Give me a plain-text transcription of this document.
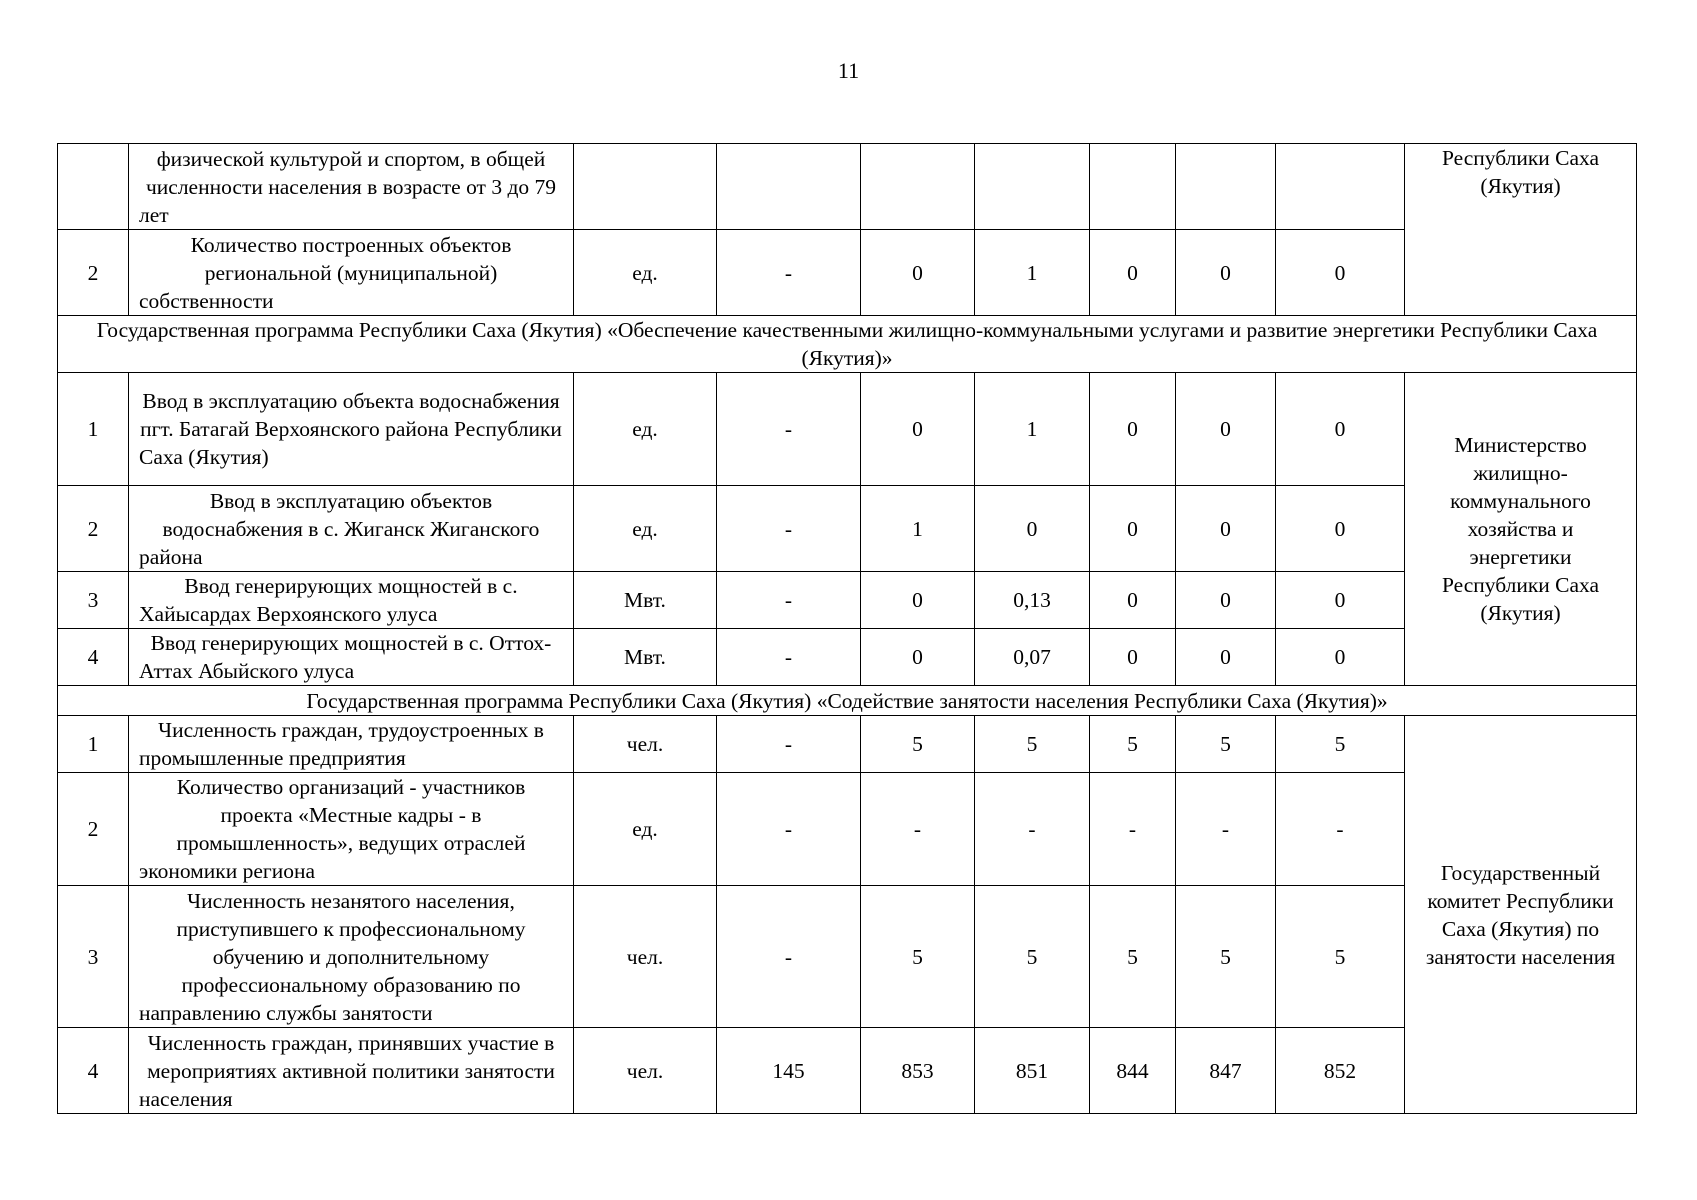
11
	физической культурой и спортом, в общей численности населения в возрасте от 3 до 79 лет								Республики Саха (Якутия)
2	Количество построенных объектов региональной (муниципальной) собственности	ед.	-	0	1	0	0	0	
Государственная программа Республики Саха (Якутия) «Обеспечение качественными жилищно-коммунальными услугами и развитие энергетики Республики Саха (Якутия)»									
1	Ввод в эксплуатацию объекта водоснабжения пгт. Батагай Верхоянского района Республики Саха (Якутия)	ед.	-	0	1	0	0	0	Министерство жилищно-коммунального хозяйства и энергетики Республики Саха (Якутия)
2	Ввод в эксплуатацию объектов водоснабжения в с. Жиганск Жиганского района	ед.	-	1	0	0	0	0	
3	Ввод генерирующих мощностей в с. Хайысардах Верхоянского улуса	Мвт.	-	0	0,13	0	0	0	
4	Ввод генерирующих мощностей в с. Оттох-Аттах Абыйского улуса	Мвт.	-	0	0,07	0	0	0	
Государственная программа Республики Саха (Якутия) «Содействие занятости населения Республики Саха (Якутия)»									
1	Численность граждан, трудоустроенных в промышленные предприятия	чел.	-	5	5	5	5	5	Государственный комитет Республики Саха (Якутия) по занятости населения
2	Количество организаций - участников проекта «Местные кадры - в промышленность», ведущих отраслей экономики региона	ед.	-	-	-	-	-	-	
3	Численность незанятого населения, приступившего к профессиональному обучению и дополнительному профессиональному образованию по направлению службы занятости	чел.	-	5	5	5	5	5	
4	Численность граждан, принявших участие в мероприятиях активной политики занятости населения	чел.	145	853	851	844	847	852	
